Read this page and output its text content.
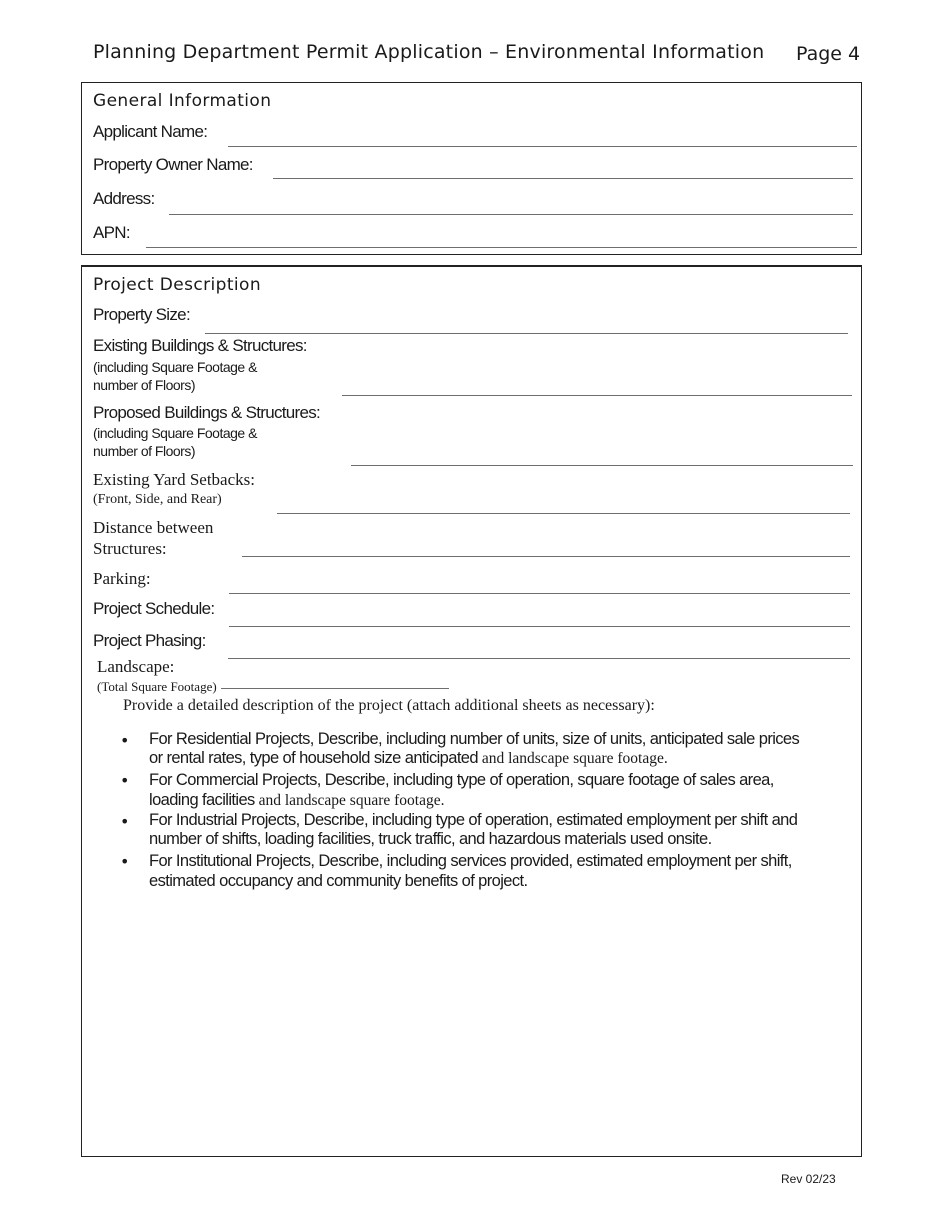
Planning Department Permit Application – Environmental Information Page 4
General Information
Applicant Name:
Property Owner Name:
Address:
APN:
Project Description
Property Size:
Existing Buildings & Structures:
(including Square Footage &
number of Floors)
Proposed Buildings & Structures:
(including Square Footage &
number of Floors)
Existing Yard Setbacks:
(Front, Side, and Rear)
Distance between
Structures:
Parking:
Project Schedule:
Project Phasing:
Landscape:
(Total Square Footage)
Provide a detailed description of the project (attach additional sheets as necessary):
• For Residential Projects, Describe, including number of units, size of units, anticipated sale prices
or rental rates, type of household size anticipated and landscape square footage.
• For Commercial Projects, Describe, including type of operation, square footage of sales area,
loading facilities and landscape square footage.
• For Industrial Projects, Describe, including type of operation, estimated employment per shift and
number of shifts, loading facilities, truck traffic, and hazardous materials used onsite.
• For Institutional Projects, Describe, including services provided, estimated employment per shift,
estimated occupancy and community benefits of project.
Rev 02/23
